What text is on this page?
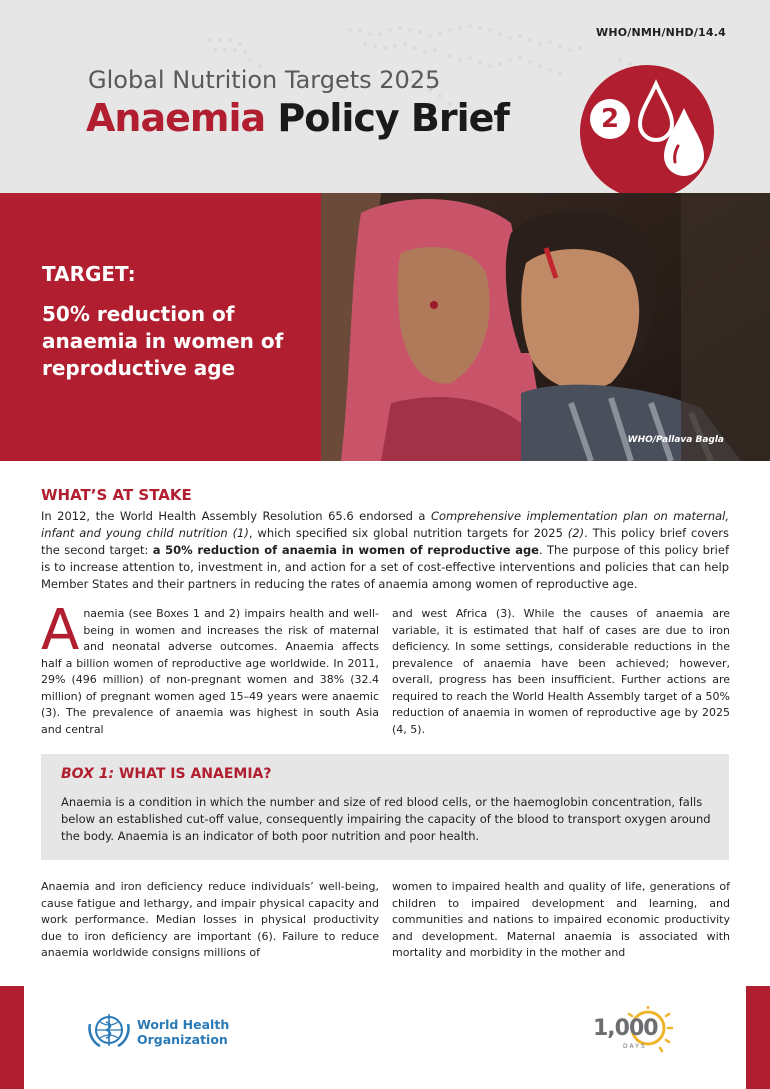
WHO/NMH/NHD/14.4
Global Nutrition Targets 2025
Anaemia Policy Brief	2
TARGET:
50% reduction of anaemia in women of reproductive age
WHO/Pallava Bagla
WHAT’S AT STAKE

In 2012, the World Health Assembly Resolution 65.6 endorsed a Comprehensive implementation plan on maternal, infant and young child nutrition (1), which specified six global nutrition targets for 2025 (2). This policy brief covers the second target: a 50% reduction of anaemia in women of reproductive age. The purpose of this policy brief is to increase attention to, investment in, and action for a set of cost-effective interventions and policies that can help Member States and their partners in reducing the rates of anaemia among women of reproductive age.

Anaemia (see Boxes 1 and 2) impairs health and well-being in women and increases the risk of maternal and neonatal adverse outcomes. Anaemia affects half a billion women of reproductive age worldwide. In 2011, 29% (496 million) of non-pregnant women and 38% (32.4 million) of pregnant women aged 15–49 years were anaemic (3). The prevalence of anaemia was highest in south Asia and central
and west Africa (3). While the causes of anaemia are variable, it is estimated that half of cases are due to iron deficiency. In some settings, considerable reductions in the prevalence of anaemia have been achieved; however, overall, progress has been insufficient. Further actions are required to reach the World Health Assembly target of a 50% reduction of anaemia in women of reproductive age by 2025 (4, 5).
BOX 1: WHAT IS ANAEMIA?
Anaemia is a condition in which the number and size of red blood cells, or the haemoglobin concentration, falls below an established cut-off value, consequently impairing the capacity of the blood to transport oxygen around the body. Anaemia is an indicator of both poor nutrition and poor health.
Anaemia and iron deficiency reduce individuals’ well-being, cause fatigue and lethargy, and impair physical capacity and work performance. Median losses in physical productivity due to iron deficiency are important (6). Failure to reduce anaemia worldwide consigns millions of
women to impaired health and quality of life, generations of children to impaired development and learning, and communities and nations to impaired economic productivity and development. Maternal anaemia is associated with mortality and morbidity in the mother and
World Health
Organization	1,000
DAYS
